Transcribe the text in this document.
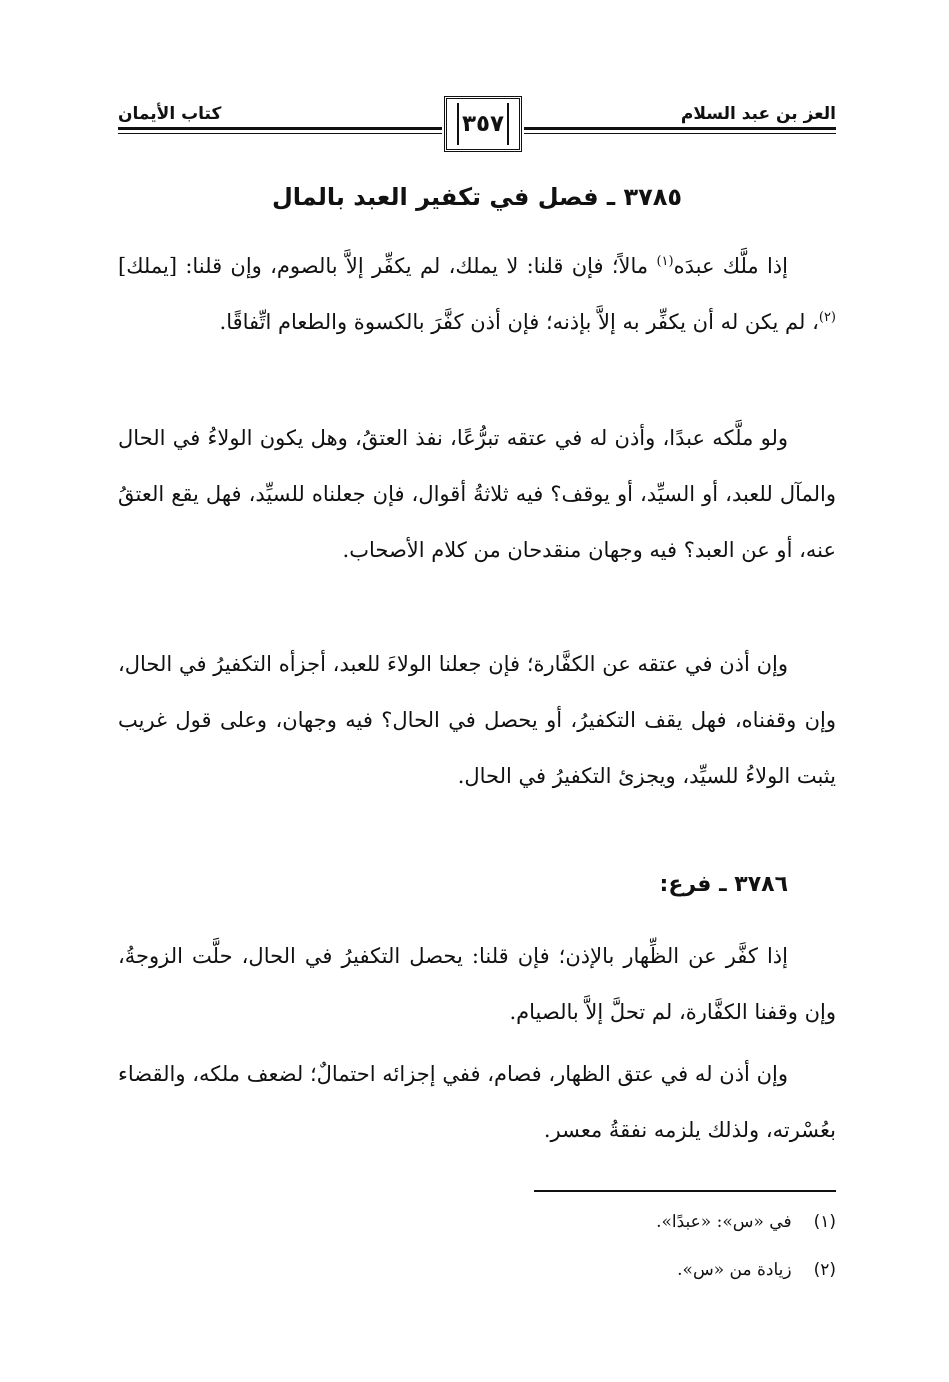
العز بن عبد السلام
كتاب الأيمان	٣٥٧
٣٧٨٥ ـ فصل في تكفير العبد بالمال

إذا ملَّك عبدَه$^{(١)}$ مالاً؛ فإن قلنا: لا يملك، لم يكفِّر إلاَّ بالصوم، وإن قلنا: [يملك]$^{(٢)}$، لم يكن له أن يكفِّر به إلاَّ بإذنه؛ فإن أذن كفَّرَ بالكسوة والطعام اتِّفاقًا.

ولو ملَّكه عبدًا، وأذن له في عتقه تبرُّعًا، نفذ العتقُ، وهل يكون الولاءُ في الحال والمآل للعبد، أو السيِّد، أو يوقف؟ فيه ثلاثةُ أقوال، فإن جعلناه للسيِّد، فهل يقع العتقُ عنه، أو عن العبد؟ فيه وجهان منقدحان من كلام الأصحاب.

وإن أذن في عتقه عن الكفَّارة؛ فإن جعلنا الولاءَ للعبد، أجزأه التكفيرُ في الحال، وإن وقفناه، فهل يقف التكفيرُ، أو يحصل في الحال؟ فيه وجهان، وعلى قول غريب يثبت الولاءُ للسيِّد، ويجزئ التكفيرُ في الحال.

٣٧٨٦ ـ فرع:

إذا كفَّر عن الظِّهار بالإذن؛ فإن قلنا: يحصل التكفيرُ في الحال، حلَّت الزوجةُ، وإن وقفنا الكفَّارة، لم تحلَّ إلاَّ بالصيام.

وإن أذن له في عتق الظهار، فصام، ففي إجزائه احتمالٌ؛ لضعف ملكه، والقضاء بعُسْرته، ولذلك يلزمه نفقةُ معسر.

(١)
في «س»: «عبدًا».
(٢)
زيادة من «س».
